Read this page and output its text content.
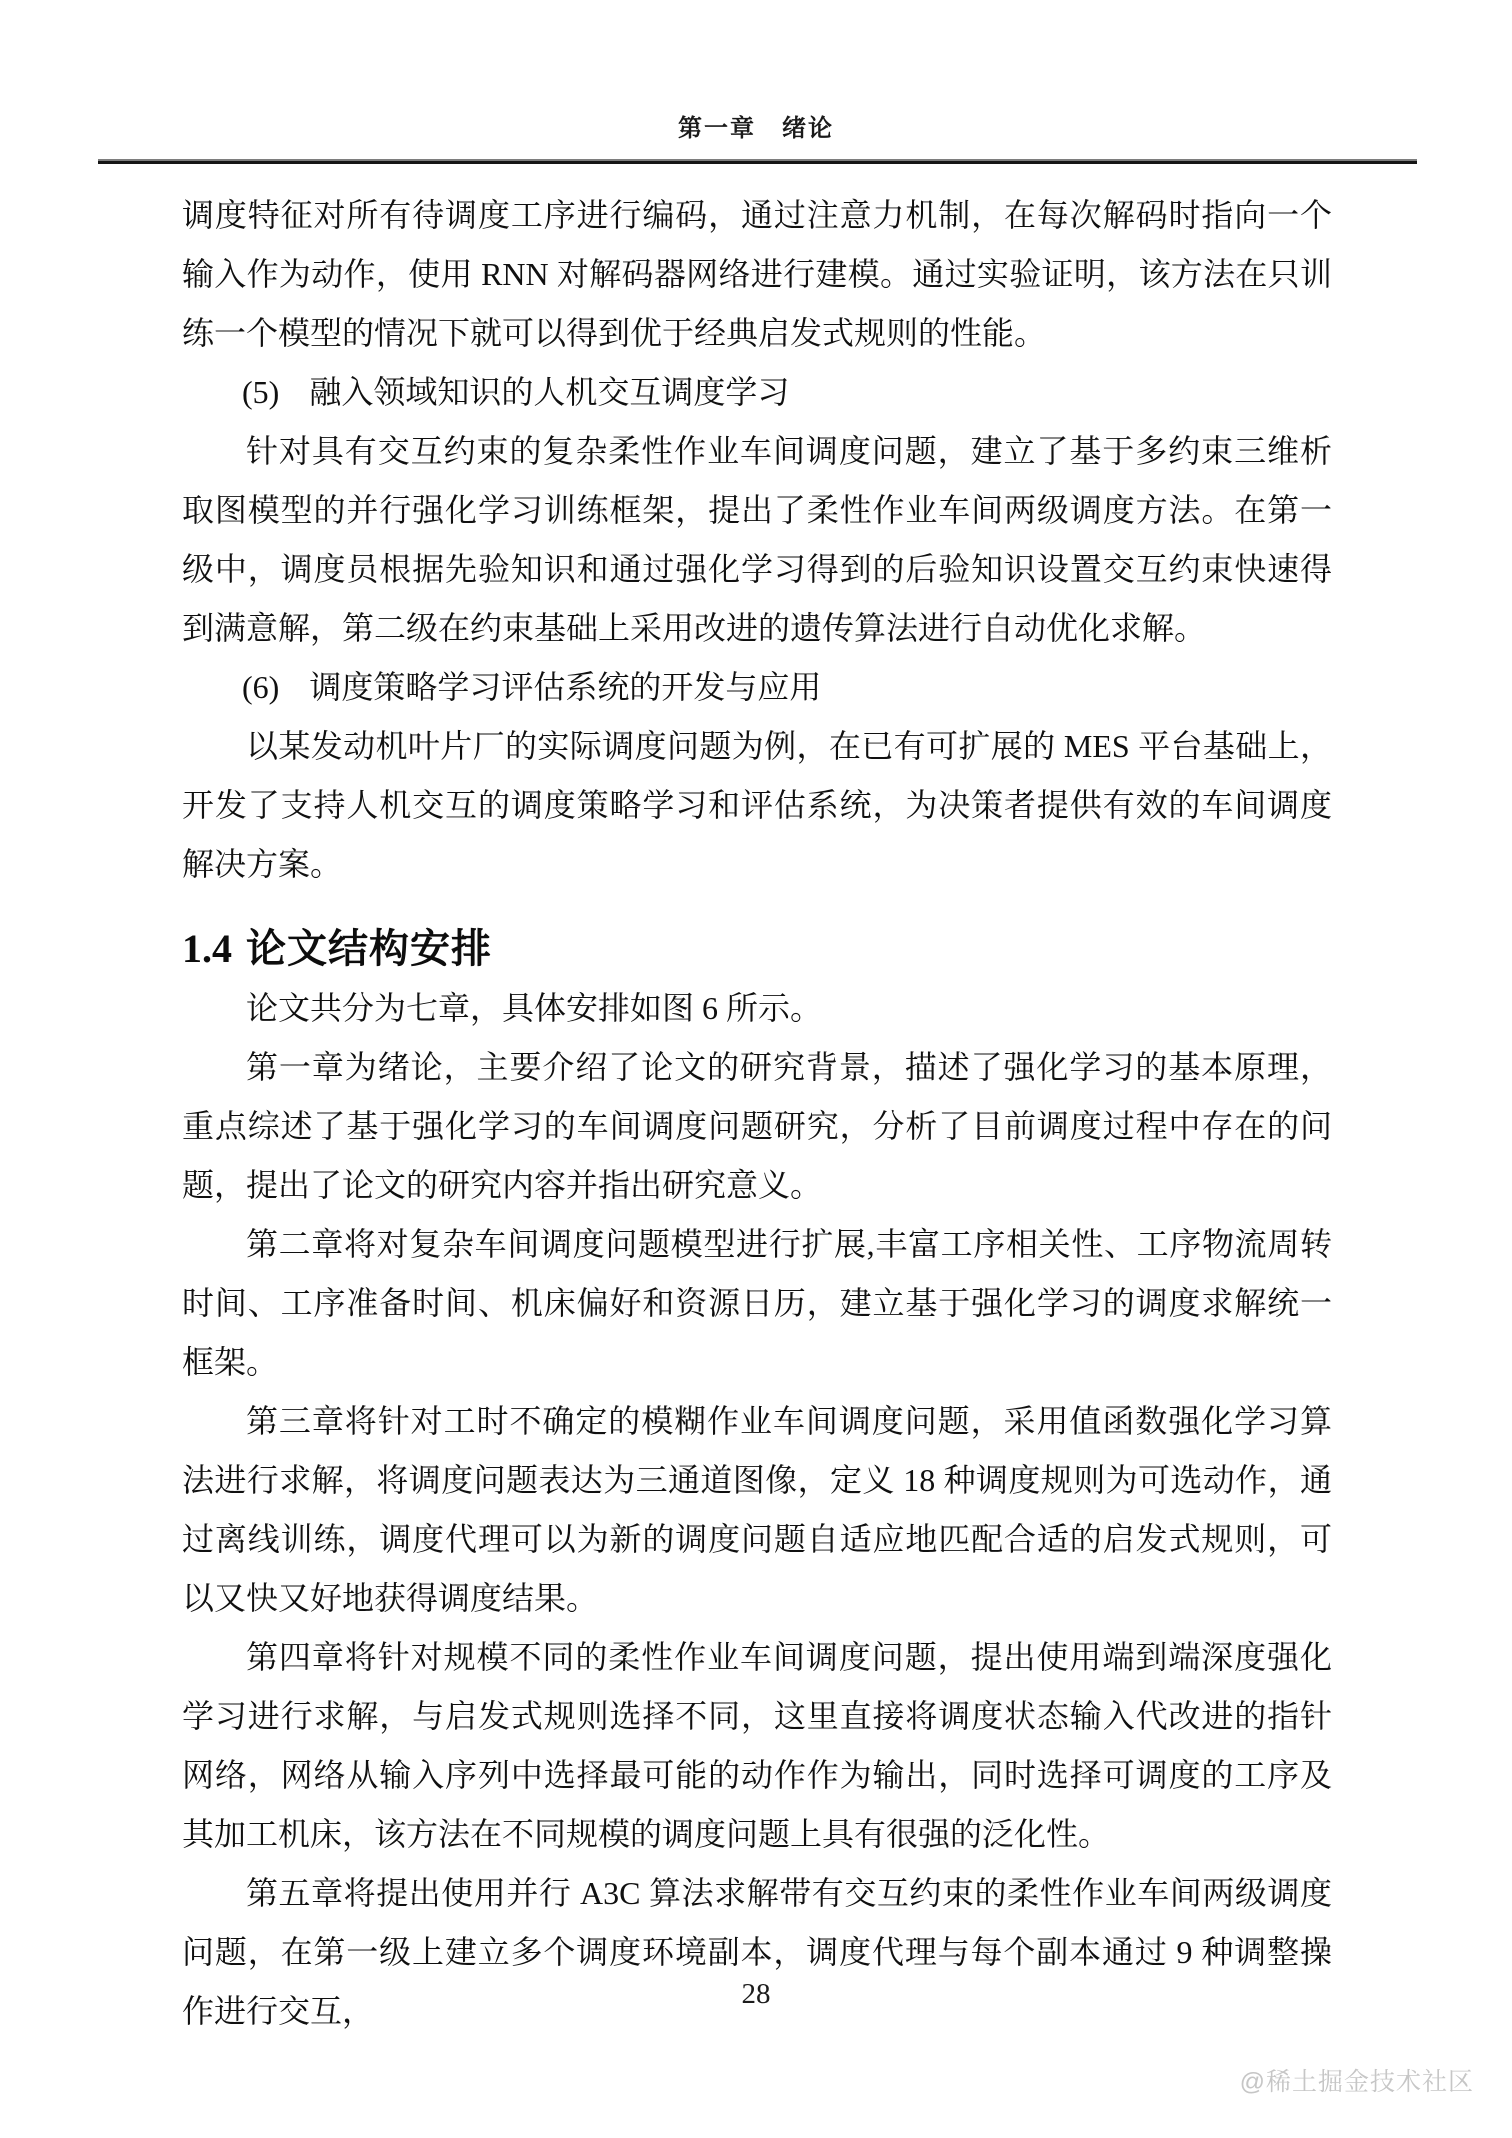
第一章　绪论

调度特征对所有待调度工序进行编码，通过注意力机制，在每次解码时指向一个输入作为动作，使用 RNN 对解码器网络进行建模。通过实验证明，该方法在只训练一个模型的情况下就可以得到优于经典启发式规则的性能。

(5) 融入领域知识的人机交互调度学习

针对具有交互约束的复杂柔性作业车间调度问题，建立了基于多约束三维析取图模型的并行强化学习训练框架，提出了柔性作业车间两级调度方法。在第一级中，调度员根据先验知识和通过强化学习得到的后验知识设置交互约束快速得到满意解，第二级在约束基础上采用改进的遗传算法进行自动优化求解。

(6) 调度策略学习评估系统的开发与应用

以某发动机叶片厂的实际调度问题为例，在已有可扩展的 MES 平台基础上，开发了支持人机交互的调度策略学习和评估系统，为决策者提供有效的车间调度解决方案。

1.4 论文结构安排

论文共分为七章，具体安排如图 6 所示。

第一章为绪论，主要介绍了论文的研究背景，描述了强化学习的基本原理，重点综述了基于强化学习的车间调度问题研究，分析了目前调度过程中存在的问题，提出了论文的研究内容并指出研究意义。

第二章将对复杂车间调度问题模型进行扩展,丰富工序相关性、工序物流周转时间、工序准备时间、机床偏好和资源日历，建立基于强化学习的调度求解统一框架。

第三章将针对工时不确定的模糊作业车间调度问题，采用值函数强化学习算法进行求解，将调度问题表达为三通道图像，定义 18 种调度规则为可选动作，通过离线训练，调度代理可以为新的调度问题自适应地匹配合适的启发式规则，可以又快又好地获得调度结果。

第四章将针对规模不同的柔性作业车间调度问题，提出使用端到端深度强化学习进行求解，与启发式规则选择不同，这里直接将调度状态输入代改进的指针网络，网络从输入序列中选择最可能的动作作为输出，同时选择可调度的工序及其加工机床，该方法在不同规模的调度问题上具有很强的泛化性。

第五章将提出使用并行 A3C 算法求解带有交互约束的柔性作业车间两级调度问题，在第一级上建立多个调度环境副本，调度代理与每个副本通过 9 种调整操作进行交互，	28
@稀土掘金技术社区
